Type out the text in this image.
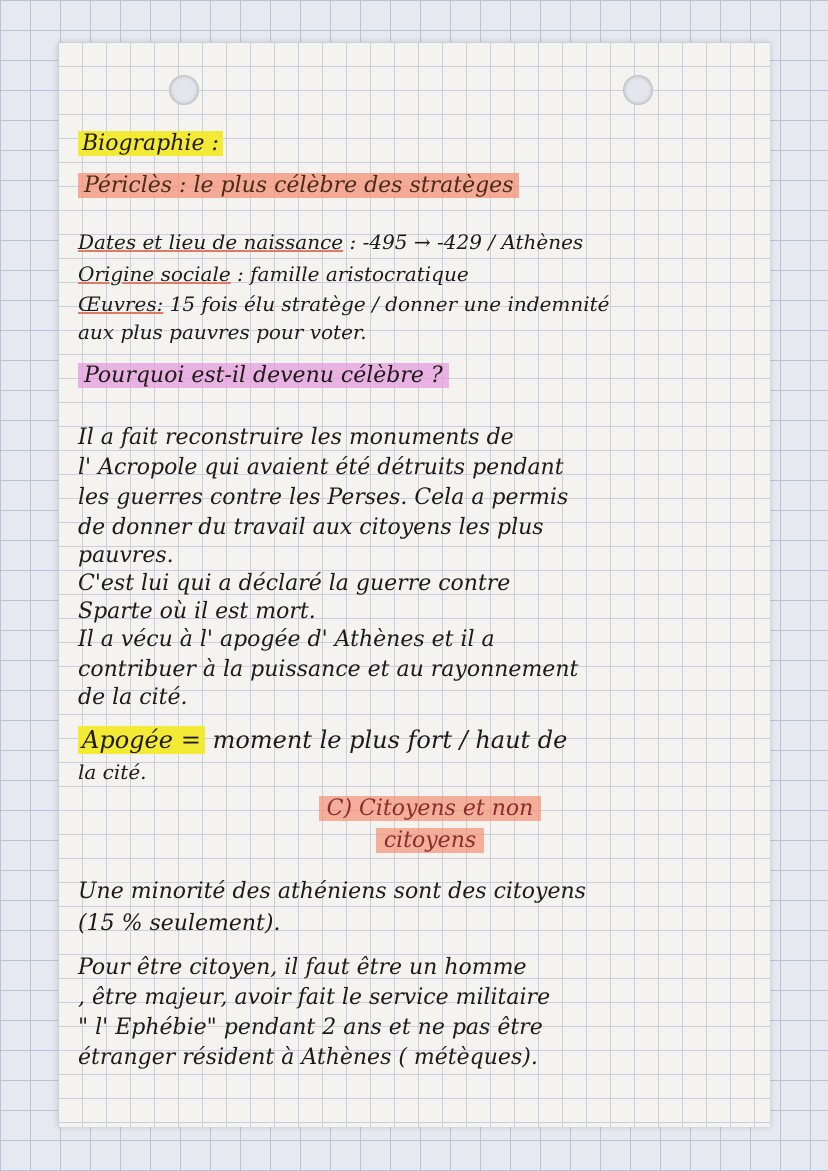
Biographie :

Périclès : le plus célèbre des stratèges

Dates et lieu de naissance : -495 → -429 / Athènes

Origine sociale : famille aristocratique

Œuvres: 15 fois élu stratège / donner une indemnité

aux plus pauvres pour voter.

Pourquoi est-il devenu célèbre ?

Il a fait reconstruire les monuments de

l' Acropole qui avaient été détruits pendant

les guerres contre les Perses. Cela a permis

de donner du travail aux citoyens les plus

pauvres.

C'est lui qui a déclaré la guerre contre

Sparte où il est mort.

Il a vécu à l' apogée d' Athènes et il a

contribuer à la puissance et au rayonnement

de la cité.

Apogée = moment le plus fort / haut de

la cité.

C) Citoyens et non
citoyens

Une minorité des athéniens sont des citoyens

(15 % seulement).

Pour être citoyen, il faut être un homme

, être majeur, avoir fait le service militaire

" l' Ephébie" pendant 2 ans et ne pas être

étranger résident à Athènes ( métèques).
